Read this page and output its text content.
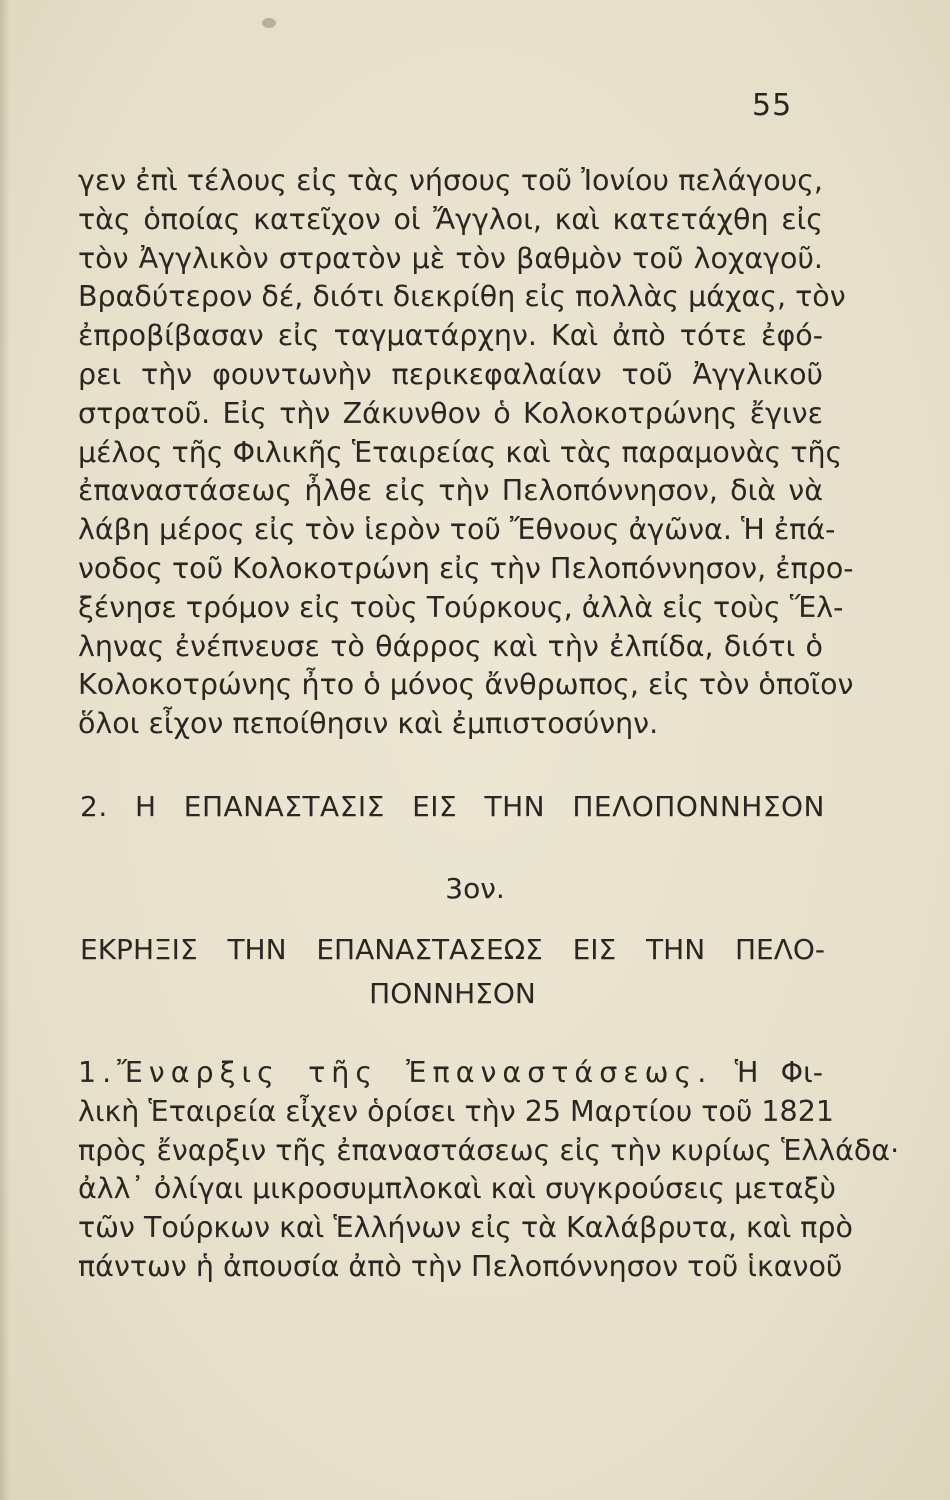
55
γεν ἐπὶ τέλους εἰς τὰς νήσους τοῦ Ἰονίου πελάγους,
τὰς ὁποίας κατεῖχον οἱ Ἄγγλοι, καὶ κατετάχθη εἰς
τὸν Ἀγγλικὸν στρατὸν μὲ τὸν βαθμὸν τοῦ λοχαγοῦ.
Βραδύτερον δέ, διότι διεκρίθη εἰς πολλὰς μάχας, τὸν
ἐπροβίβασαν εἰς ταγματάρχην. Καὶ ἀπὸ τότε ἐφό-
ρει τὴν φουντωνὴν περικεφαλαίαν τοῦ Ἀγγλικοῦ
στρατοῦ. Εἰς τὴν Ζάκυνθον ὁ Κολοκοτρώνης ἔγινε
μέλος τῆς Φιλικῆς Ἑταιρείας καὶ τὰς παραμονὰς τῆς
ἐπαναστάσεως ἦλθε εἰς τὴν Πελοπόννησον, διὰ νὰ
λάβη μέρος εἰς τὸν ἱερὸν τοῦ Ἔθνους ἀγῶνα. Ἡ ἐπά-
νοδος τοῦ Κολοκοτρώνη εἰς τὴν Πελοπόννησον, ἐπρο-
ξένησε τρόμον εἰς τοὺς Τούρκους, ἀλλὰ εἰς τοὺς Ἕλ-
ληνας ἐνέπνευσε τὸ θάρρος καὶ τὴν ἐλπίδα, διότι ὁ
Κολοκοτρώνης ἦτο ὁ μόνος ἄνθρωπος, εἰς τὸν ὁποῖον
ὅλοι εἶχον πεποίθησιν καὶ ἐμπιστοσύνην.
2. Η ΕΠΑΝΑΣΤΑΣΙΣ ΕΙΣ ΤΗΝ ΠΕΛΟΠΟΝΝΗΣΟΝ
3ον.
ΕΚΡΗΞΙΣ ΤΗΝ ΕΠΑΝΑΣΤΑΣΕΩΣ ΕΙΣ ΤΗΝ ΠΕΛΟ-
ΠΟΝΝΗΣΟΝ
1.Ἔναρξις τῆς Ἐπαναστάσεως. Ἡ Φι-
λικὴ Ἑταιρεία εἶχεν ὁρίσει τὴν 25 Μαρτίου τοῦ 1821
πρὸς ἔναρξιν τῆς ἐπαναστάσεως εἰς τὴν κυρίως Ἑλλάδα·
ἀλλ᾽ ὀλίγαι μικροσυμπλοκαὶ καὶ συγκρούσεις μεταξὺ
τῶν Τούρκων καὶ Ἑλλήνων εἰς τὰ Καλάβρυτα, καὶ πρὸ
πάντων ἡ ἀπουσία ἀπὸ τὴν Πελοπόννησον τοῦ ἱκανοῦ
